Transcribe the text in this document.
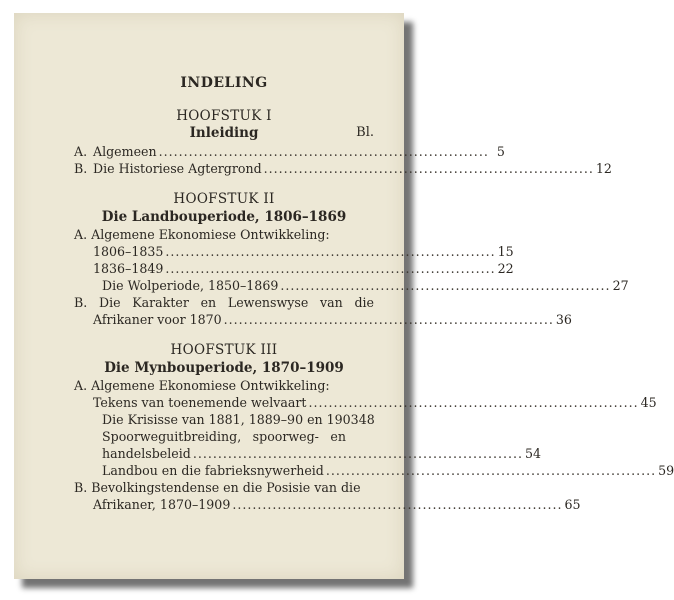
INDELING
HOOFSTUK I
Inleiding	Bl.
A. Algemeen .................................................................. 5
B. Die Historiese Agtergrond .................................................................. 12
HOOFSTUK II
Die Landbouperiode, 1806–1869
A. Algemene Ekonomiese Ontwikkeling:
1806–1835 .................................................................. 15
1836–1849 .................................................................. 22
Die Wolperiode, 1850–1869 .................................................................. 27
B. Die Karakter en Lewenswyse van die
Afrikaner voor 1870 .................................................................. 36
HOOFSTUK III
Die Mynbouperiode, 1870–1909
A. Algemene Ekonomiese Ontwikkeling:
Tekens van toenemende welvaart .................................................................. 45
Die Krisisse van 1881, 1889–90 en 1903 48
Spoorweguitbreiding, spoorweg- en
handelsbeleid .................................................................. 54
Landbou en die fabrieksnywerheid .................................................................. 59
B. Bevolkingstendense en die Posisie van die
Afrikaner, 1870–1909 .................................................................. 65
